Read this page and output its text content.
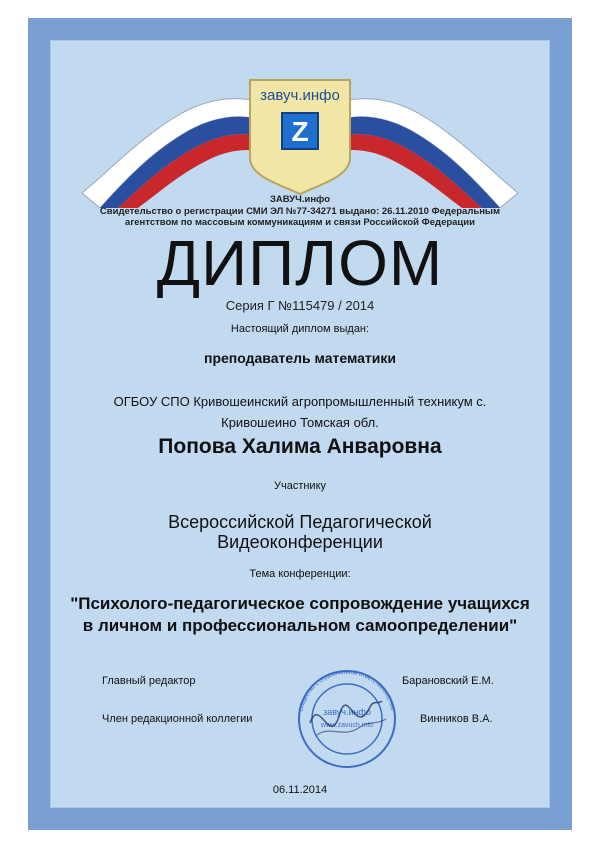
завуч.инфо
Z
ЗАВУЧ.инфо
Свидетельство о регистрации СМИ ЭЛ №77-34271 выдано: 26.11.2010 Федеральным агентством по массовым коммуникациям и связи Российской Федерации
ДИПЛОМ
Серия Г №115479 / 2014
Настоящий диплом выдан:
преподаватель математики
ОГБОУ СПО Кривошеинский агропромышленный техникум с.
Кривошеино Томская обл.
Попова Халима Анваровна
Участнику
Всероссийской Педагогической
Видеоконференции
Тема конференции:
"Психолого-педагогическое сопровождение учащихся
в личном и профессиональном самоопределении"
Главный редактор	Барановский Е.М.
Член редакционной коллегии	Винников В.А.
Общество с ограниченной ответственностью
завуч.инфо
www.zavuch.info
06.11.2014
